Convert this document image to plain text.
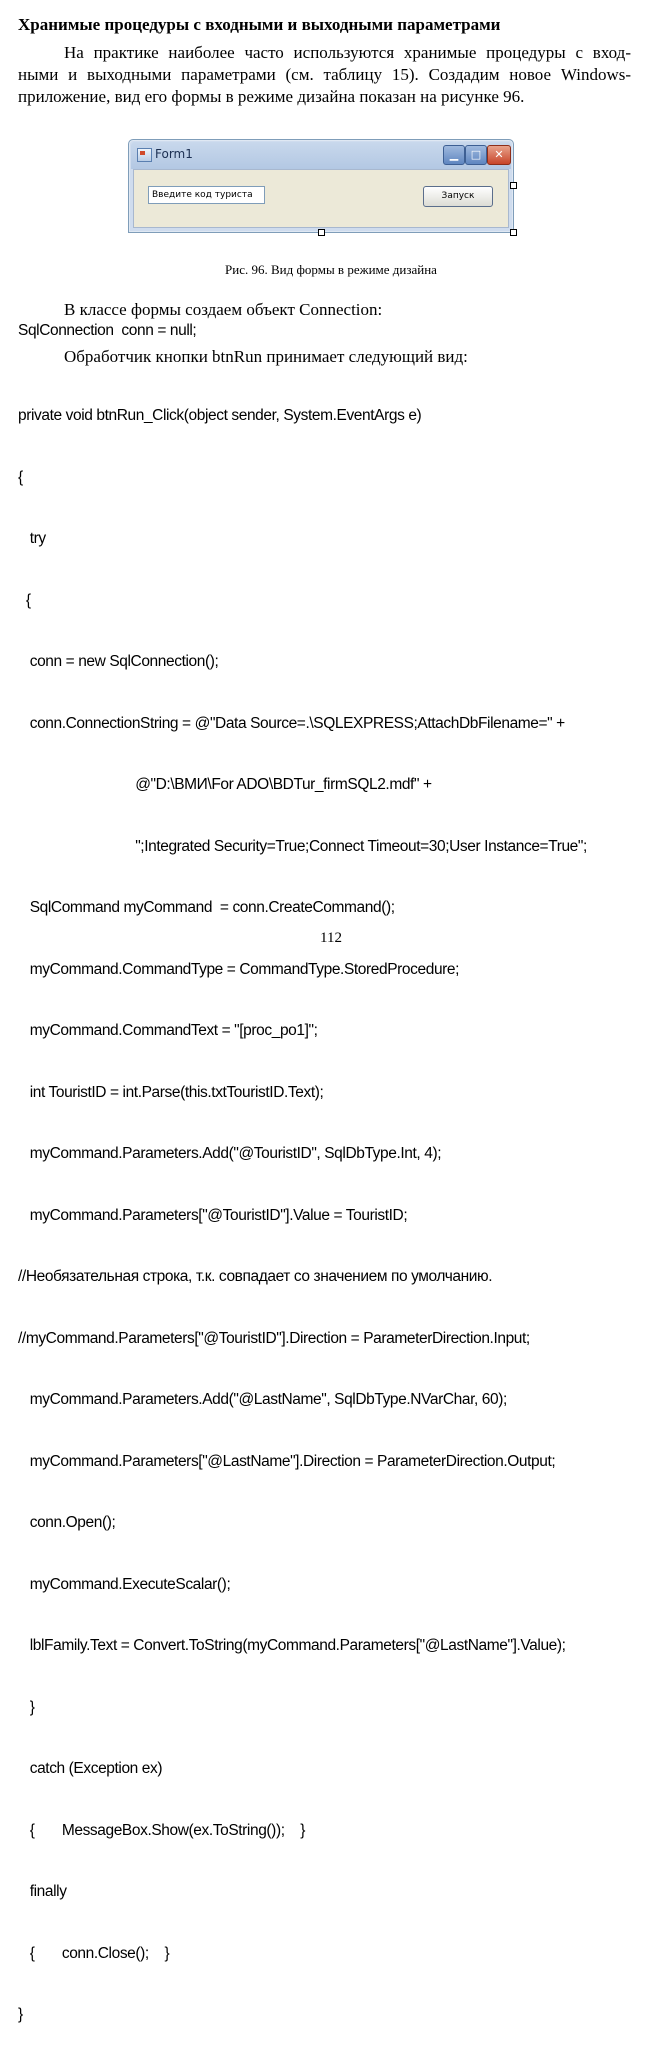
Хранимые процедуры с входными и выходными параметрами
На практике наиболее часто используются хранимые процедуры с вход-
ными и выходными параметрами (см. таблицу 15). Создадим новое Windows-
приложение, вид его формы в режиме дизайна показан на рисунке 96.
Form1	▁	□	✕
Введите код туриста	Запуск
Рис. 96. Вид формы в режиме дизайна
В классе формы создаем объект Connection:
SqlConnection  conn = null;
Обработчик кнопки btnRun принимает следующий вид:

private void btnRun_Click(object sender, System.EventArgs e)

{

try

{

conn = new SqlConnection();

conn.ConnectionString = @"Data Source=.\SQLEXPRESS;AttachDbFilename=" +

@"D:\BMИ\For ADO\BDTur_firmSQL2.mdf" +

";Integrated Security=True;Connect Timeout=30;User Instance=True";

SqlCommand myCommand  = conn.CreateCommand();

myCommand.CommandType = CommandType.StoredProcedure;

myCommand.CommandText = "[proc_po1]";

int TouristID = int.Parse(this.txtTouristID.Text);

myCommand.Parameters.Add("@TouristID", SqlDbType.Int, 4);

myCommand.Parameters["@TouristID"].Value = TouristID;

//Необязательная строка, т.к. совпадает со значением по умолчанию.

//myCommand.Parameters["@TouristID"].Direction = ParameterDirection.Input;

myCommand.Parameters.Add("@LastName", SqlDbType.NVarChar, 60);

myCommand.Parameters["@LastName"].Direction = ParameterDirection.Output;

conn.Open();

myCommand.ExecuteScalar();

lblFamily.Text = Convert.ToString(myCommand.Parameters["@LastName"].Value);

}

catch (Exception ex)

{       MessageBox.Show(ex.ToString());    }

finally

{       conn.Close();    }

}

112
